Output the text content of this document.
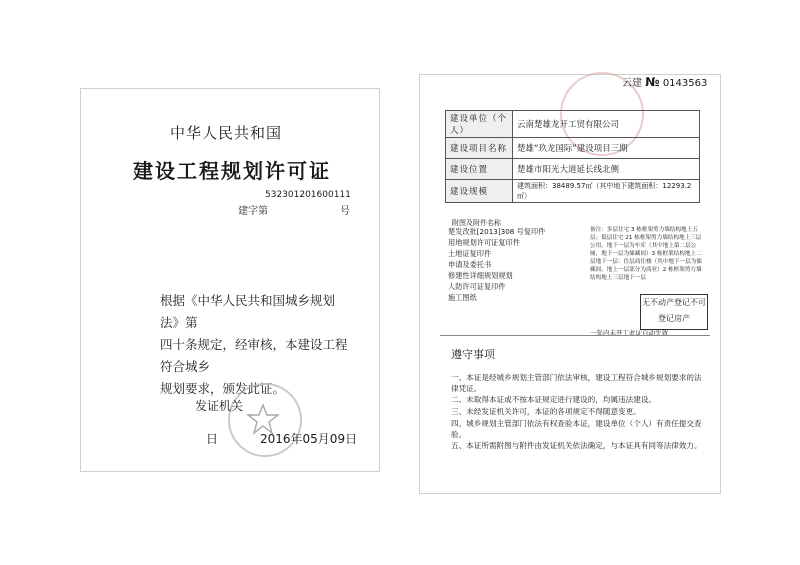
中华人民共和国
建设工程规划许可证
532301201600111
建字第	号

根据《中华人民共和国城乡规划法》第

四十条规定，经审核，本建设工程符合城乡

规划要求，颁发此证。

发证机关
日	2016年05月09日
云建 № 0143563
建设单位（个人）	云南楚雄龙开工贸有限公司
建设项目名称	楚雄“玖龙国际”建设项目三期
建设位置	楚雄市阳光大道延长线北侧
建设规模	建筑面积：38489.57㎡（其中地下建筑面积：12293.2㎡）
附图及附件名称
楚发改批[2013]308 号复印件
用地规划许可证复印件
土地证复印件
申请及委托书
修建性详细规划规划
人防许可证复印件
施工图纸
备注：多层住宅 3 栋框架剪力墙结构地上五层；低层住宅 21 栋框架剪力墙结构地上三层公用，地下一层为车库（其中地上第二层公厕，地下一层为储藏间）3 栋框架结构地上二层地下一层：住层商住楼（其中地下一层为储藏间，地上一层部分为商业）2 栋框架剪力墙结构地上三层地下一层
无不动产登记不可登记房产
一年内未开工此证自动失效
遵守事项
一、本证是经城乡规划主管部门依法审核，建设工程符合城乡规划要求的法律凭证。
二、未取得本证或不按本证规定进行建设的，均属违法建设。
三、未经发证机关许可，本证的各项规定不得随意变更。
四、城乡规划主管部门依法有权查验本证，建设单位（个人）有责任提交查验。
五、本证所需附图与附件由发证机关依法确定，与本证具有同等法律效力。
